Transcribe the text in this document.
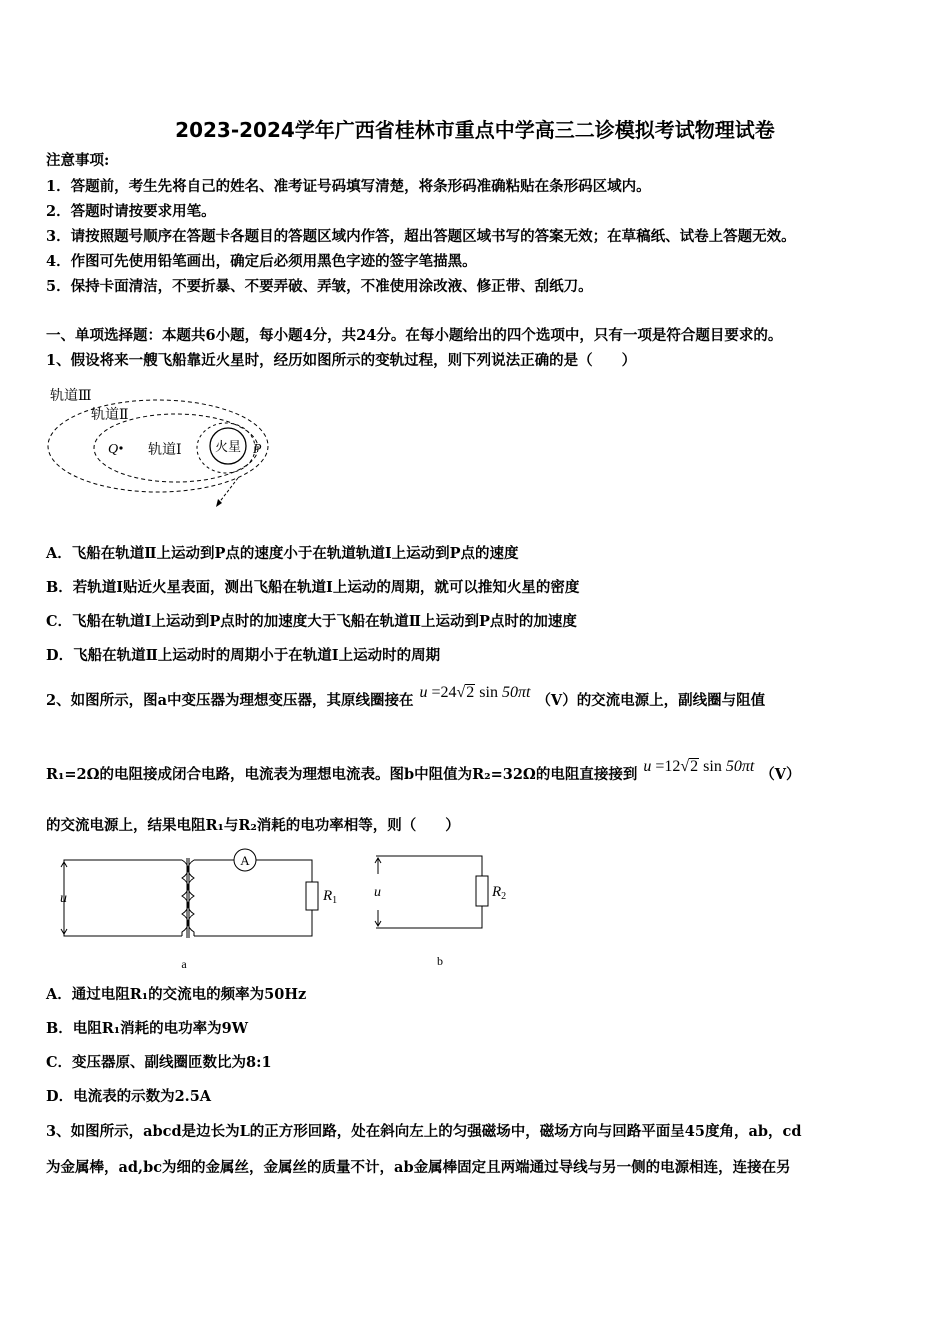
2023-2024学年广西省桂林市重点中学高三二诊模拟考试物理试卷
注意事项:
1．答题前，考生先将自己的姓名、准考证号码填写清楚，将条形码准确粘贴在条形码区域内。
2．答题时请按要求用笔。
3．请按照题号顺序在答题卡各题目的答题区域内作答，超出答题区域书写的答案无效；在草稿纸、试卷上答题无效。
4．作图可先使用铅笔画出，确定后必须用黑色字迹的签字笔描黑。
5．保持卡面清洁，不要折暴、不要弄破、弄皱，不准使用涂改液、修正带、刮纸刀。
一、单项选择题：本题共6小题，每小题4分，共24分。在每小题给出的四个选项中，只有一项是符合题目要求的。
1、假设将来一艘飞船靠近火星时，经历如图所示的变轨过程，则下列说法正确的是（　　）
火星
Q	P
轨道Ⅲ
轨道Ⅱ
轨道Ⅰ
A．飞船在轨道Ⅱ上运动到P点的速度小于在轨道轨道Ⅰ上运动到P点的速度
B．若轨道I贴近火星表面，测出飞船在轨道I上运动的周期，就可以推知火星的密度
C．飞船在轨道I上运动到P点时的加速度大于飞船在轨道Ⅱ上运动到P点时的加速度
D．飞船在轨道Ⅱ上运动时的周期小于在轨道I上运动时的周期
2、如图所示，图a中变压器为理想变压器，其原线圈接在 u =24√2 sin 50πt （V）的交流电源上，副线圈与阻值
R₁=2Ω的电阻接成闭合电路，电流表为理想电流表。图b中阻值为R₂=32Ω的电阻直接接到 u =12√2 sin 50πt （V）
的交流电源上，结果电阻R₁与R₂消耗的电功率相等，则（　　）
A
$R_1$
u
a
$R_2$
u
b
A．通过电阻R₁的交流电的频率为50Hz
B．电阻R₁消耗的电功率为9W
C．变压器原、副线圈匝数比为8:1
D．电流表的示数为2.5A
3、如图所示，abcd是边长为L的正方形回路，处在斜向左上的匀强磁场中，磁场方向与回路平面呈45度角，ab，cd
为金属棒，ad,bc为细的金属丝，金属丝的质量不计，ab金属棒固定且两端通过导线与另一侧的电源相连，连接在另
